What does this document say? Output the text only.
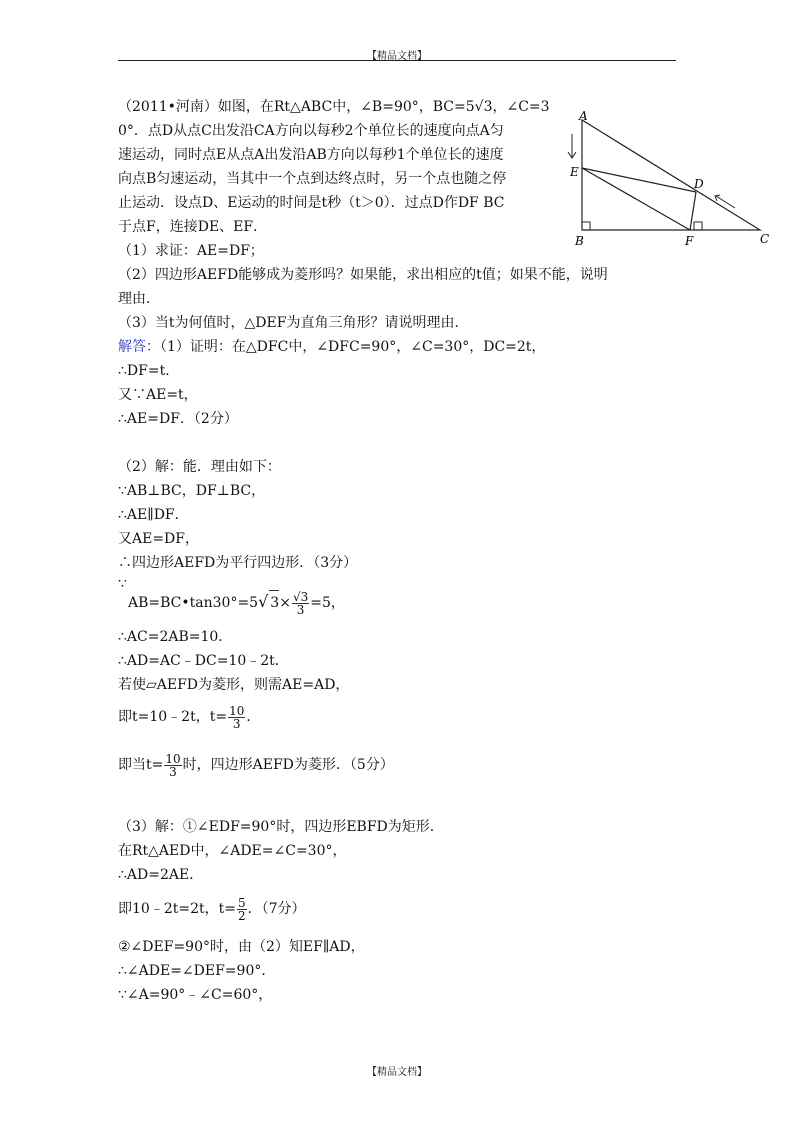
【精品文档】
（2011•河南）如图，在Rt△ABC中，∠B=90°，BC=5√3，∠C=3
0°．点D从点C出发沿CA方向以每秒2个单位长的速度向点A匀
速运动，同时点E从点A出发沿AB方向以每秒1个单位长的速度
向点B匀速运动，当其中一个点到达终点时，另一个点也随之停
止运动．设点D、E运动的时间是t秒（t＞0）．过点D作DF BC
于点F，连接DE、EF．
（1）求证：AE=DF；
（2）四边形AEFD能够成为菱形吗？如果能，求出相应的t值；如果不能，说明
理由．
（3）当t为何值时，△DEF为直角三角形？请说明理由．
A
E
B	F	C
D
解答：（1）证明：在△DFC中，∠DFC=90°，∠C=30°，DC=2t，
∴DF=t．
又∵AE=t，
∴AE=DF．（2分）
（2）解：能．理由如下：
∵AB⊥BC，DF⊥BC，
∴AE∥DF．
又AE=DF，
∴四边形AEFD为平行四边形．（3分）
∵
AB=BC•tan30°=5√ $3\times \frac{√3}{3} =5$，
∴AC=2AB=10．
∴AD=AC﹣DC=10﹣2t．
若使▱AEFD为菱形，则需AE=AD，
即t=10﹣2t，$t= \frac{10}{3}$ ．
即当$t= \frac{10}{3}$ 时，四边形AEFD为菱形．（5分）
（3）解：①∠EDF=90°时，四边形EBFD为矩形．
在Rt△AED中，∠ADE=∠C=30°，
∴AD=2AE．
即10﹣2t=2t，$t= \frac{5}{2}$ ．（7分）
②∠DEF=90°时，由（2）知EF∥AD，
∴∠ADE=∠DEF=90°．
∵∠A=90°﹣∠C=60°，
【精品文档】
